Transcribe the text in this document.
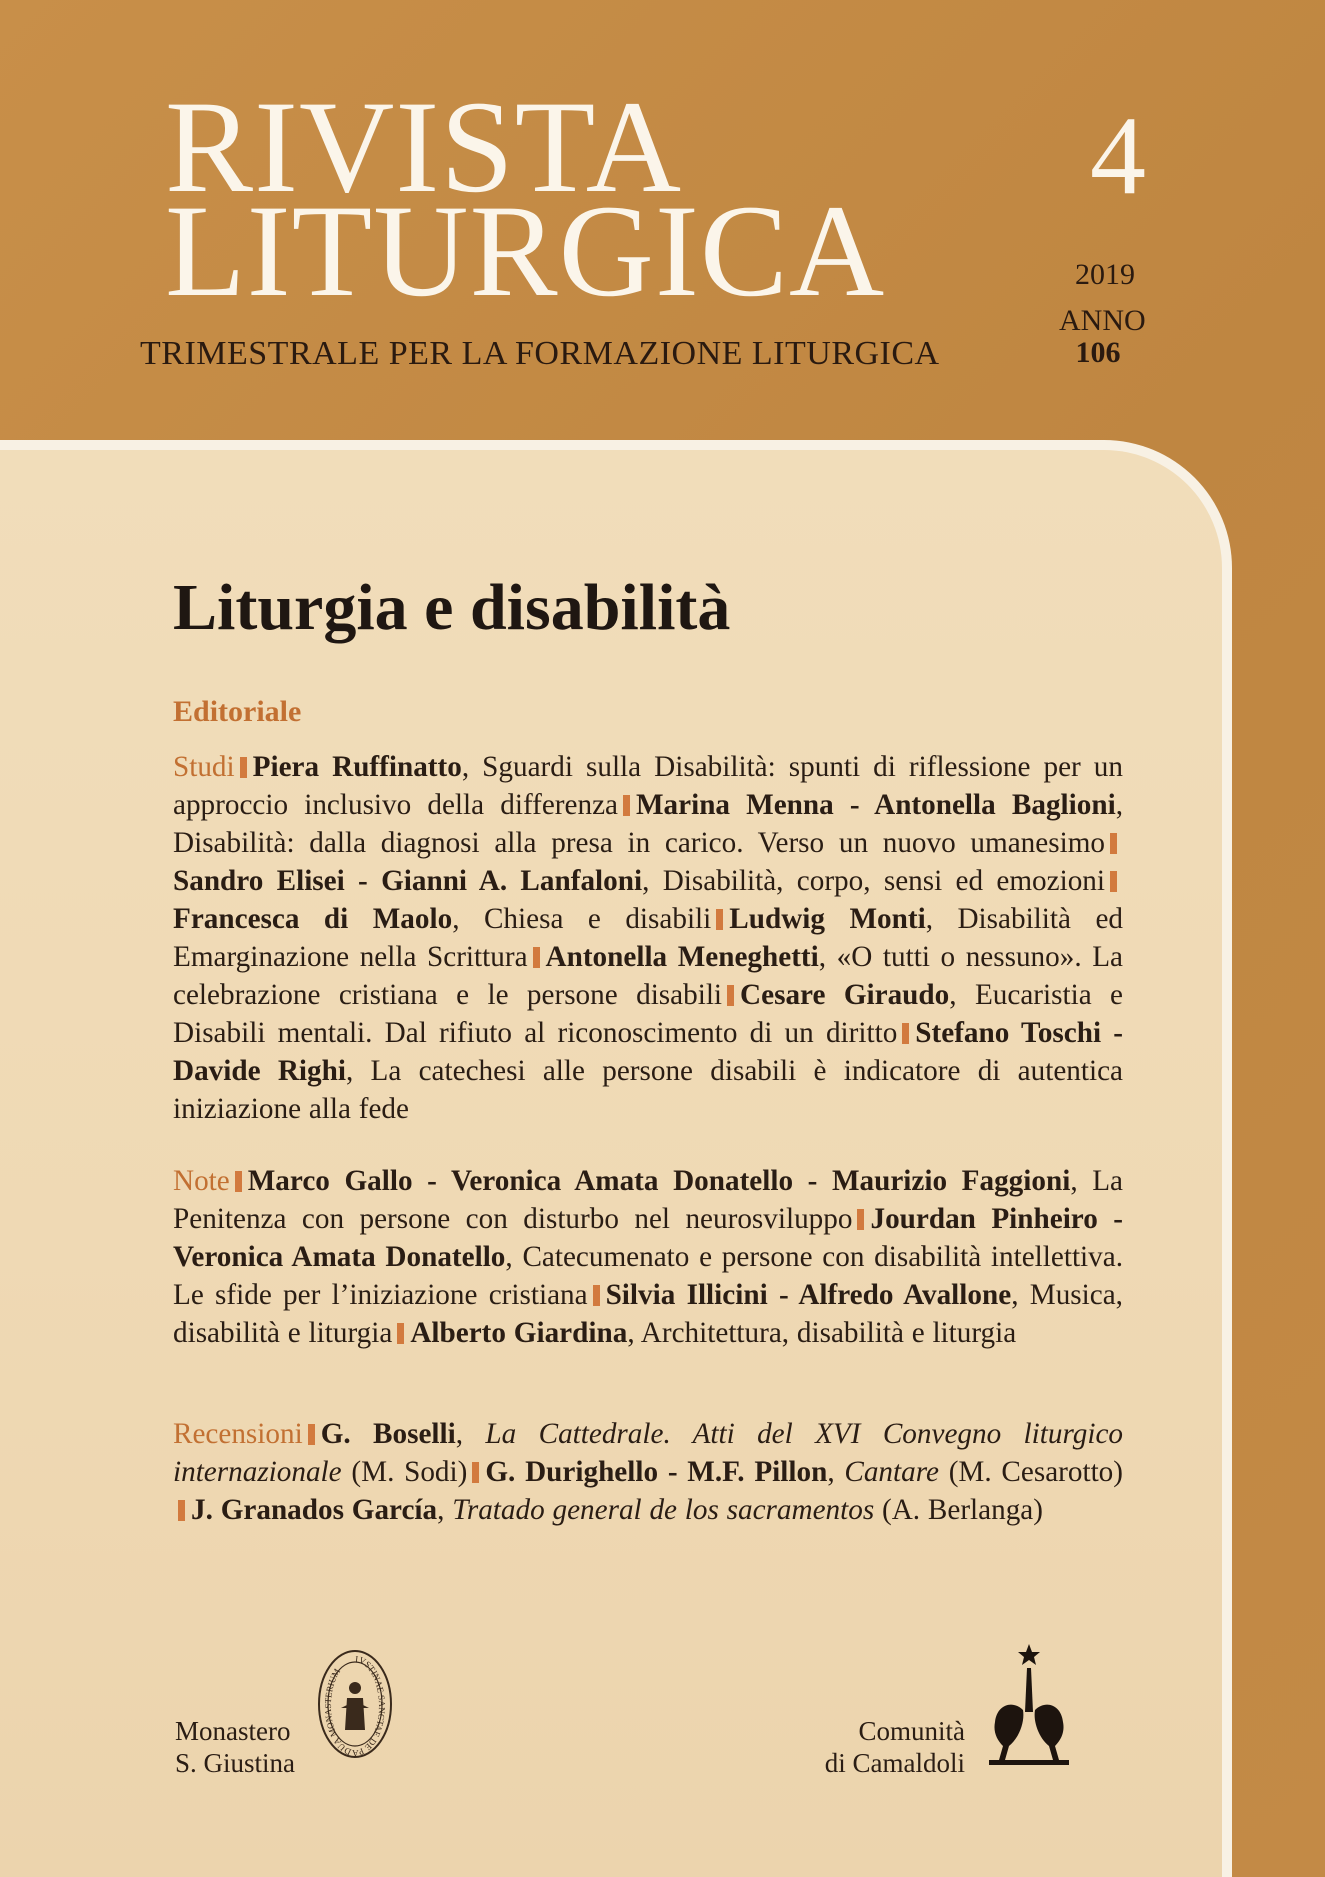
RIVISTA
LITURGICA
TRIMESTRALE PER LA FORMAZIONE LITURGICA
4
2019
ANNO
106
Liturgia e disabilità
Editoriale

Studi Piera Ruffinatto, Sguardi sulla Disabilità: spunti di riflessione per un approccio inclusivo della differenza Marina Menna - Antonella Baglioni, Disabilità: dalla diagnosi alla presa in carico. Verso un nuovo umanesimoSandro Elisei - Gianni A. Lanfaloni, Disabilità, corpo, sensi ed emozioniFrancesca di Maolo, Chiesa e disabili Ludwig Monti, Disabilità ed Emarginazione nella Scrittura Antonella Meneghetti, «O tutti o nessuno». La celebrazione cristiana e le persone disabili Cesare Giraudo, Eucaristia e Disabili mentali. Dal rifiuto al riconoscimento di un diritto Stefano Toschi - Davide Righi, La catechesi alle persone disabili è indicatore di autentica iniziazione alla fede

Note Marco Gallo - Veronica Amata Donatello - Maurizio Faggioni, La Penitenza con persone con disturbo nel neurosviluppo Jourdan Pinheiro - Veronica Amata Donatello, Catecumenato e persone con disabilità intellettiva. Le sfide per l’iniziazione cristiana Silvia Illicini - Alfredo Avallone, Musica, disabilità e liturgia Alberto Giardina, Architettura, disabilità e liturgia

Recensioni G. Boselli, La Cattedrale. Atti del XVI Convegno liturgico internazionale (M. Sodi) G. Durighello - M.F. Pillon, Cantare (M. Cesarotto)J. Granados García, Tratado general de los sacramentos (A. Berlanga)

IVSTINAE SANCTAE DE PADUA MONASTERIUM
Monastero
S. Giustina
Comunità
di Camaldoli
